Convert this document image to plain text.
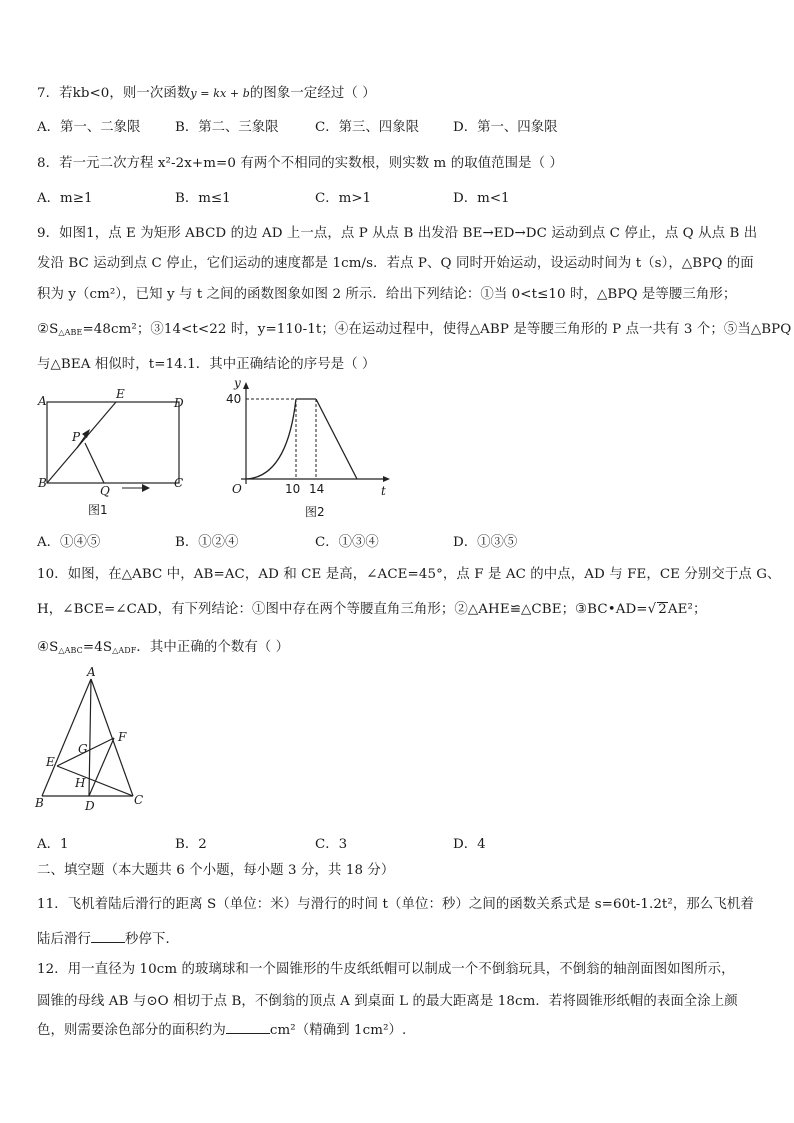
7．若kb<0，则一次函数y = kx + b的图象一定经过（ ）
A．第一、二象限	B．第二、三象限	C．第三、四象限	D．第一、四象限
8．若一元二次方程 x²-2x+m=0 有两个不相同的实数根，则实数 m 的取值范围是（ ）
A．m≥1	B．m≤1	C．m>1	D．m<1
9．如图1，点 E 为矩形 ABCD 的边 AD 上一点，点 P 从点 B 出发沿 BE→ED→DC 运动到点 C 停止，点 Q 从点 B 出
发沿 BC 运动到点 C 停止，它们运动的速度都是 1cm/s．若点 P、Q 同时开始运动，设运动时间为 t（s），△BPQ 的面
积为 y（cm²），已知 y 与 t 之间的函数图象如图 2 所示．给出下列结论：①当 0<t≤10 时，△BPQ 是等腰三角形；
$②S_{\triangle ABE}=48cm^2$；③14<t<22 时，y=110-1t；④在运动过程中，使得△ABP 是等腰三角形的 P 点一共有 3 个；⑤当△BPQ
与△BEA 相似时，t=14.1．其中正确结论的序号是（ ）
A	E
D
P
B
Q
C
图1
y
t
O
40
10 14
图2
A．①④⑤	B．①②④	C．①③④	D．①③⑤
10．如图，在△ABC 中，AB=AC，AD 和 CE 是高，∠ACE=45°，点 F 是 AC 的中点，AD 与 FE，CE 分别交于点 G、
H，∠BCE=∠CAD，有下列结论：①图中存在两个等腰直角三角形；②△AHE≌△CBE；③BC•AD=√ 2AE²；
$④S_{\triangle ABC}=4S_{\triangle ADF}$．其中正确的个数有（ ）
A
G
F
E
H
B	D	C
A．1	B．2	C．3	D．4
二、填空题（本大题共 6 个小题，每小题 3 分，共 18 分）
11．飞机着陆后滑行的距离 S（单位：米）与滑行的时间 t（单位：秒）之间的函数关系式是 s=60t-1.2t²，那么飞机着
陆后滑行	秒停下．
12．用一直径为 10cm 的玻璃球和一个圆锥形的牛皮纸纸帽可以制成一个不倒翁玩具，不倒翁的轴剖面图如图所示，
圆锥的母线 AB 与⊙O 相切于点 B，不倒翁的顶点 A 到桌面 L 的最大距离是 18cm．若将圆锥形纸帽的表面全涂上颜
色，则需要涂色部分的面积约为	cm²（精确到 1cm²）.
